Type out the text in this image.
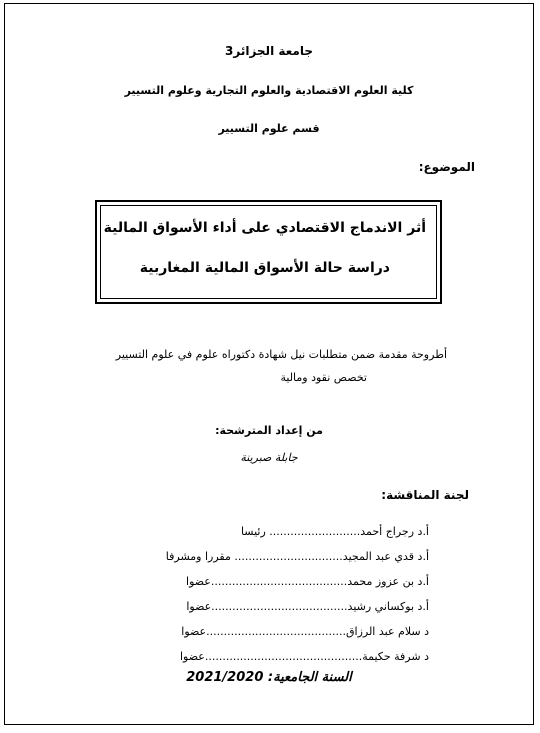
جامعة الجزائر3
كلية العلوم الاقتصادية والعلوم التجارية وعلوم التسيير
قسم علوم التسيير
الموضوع:
أثر الاندماج الاقتصادي على أداء الأسواق المالية
دراسة حالة الأسواق المالية المغاربية
أطروحة مقدمة ضمن متطلبات نيل شهادة دكتوراه علوم في علوم التسيير
تخصص نقود ومالية
من إعداد المترشحة:
جابلة صبرينة
لجنة المناقشة:
أ.د رجراج أحمد.......................... رئيسا
أ.د قدي عبد المجيد............................... مقررا ومشرفا
أ.د بن عزوز محمد.......................................عضوا
أ.د بوكساني رشيد.......................................عضوا
د سلام عبد الرزاق........................................عضوا
د شرفة حكيمة.............................................عضوا
السنة الجامعية: 2021/2020
